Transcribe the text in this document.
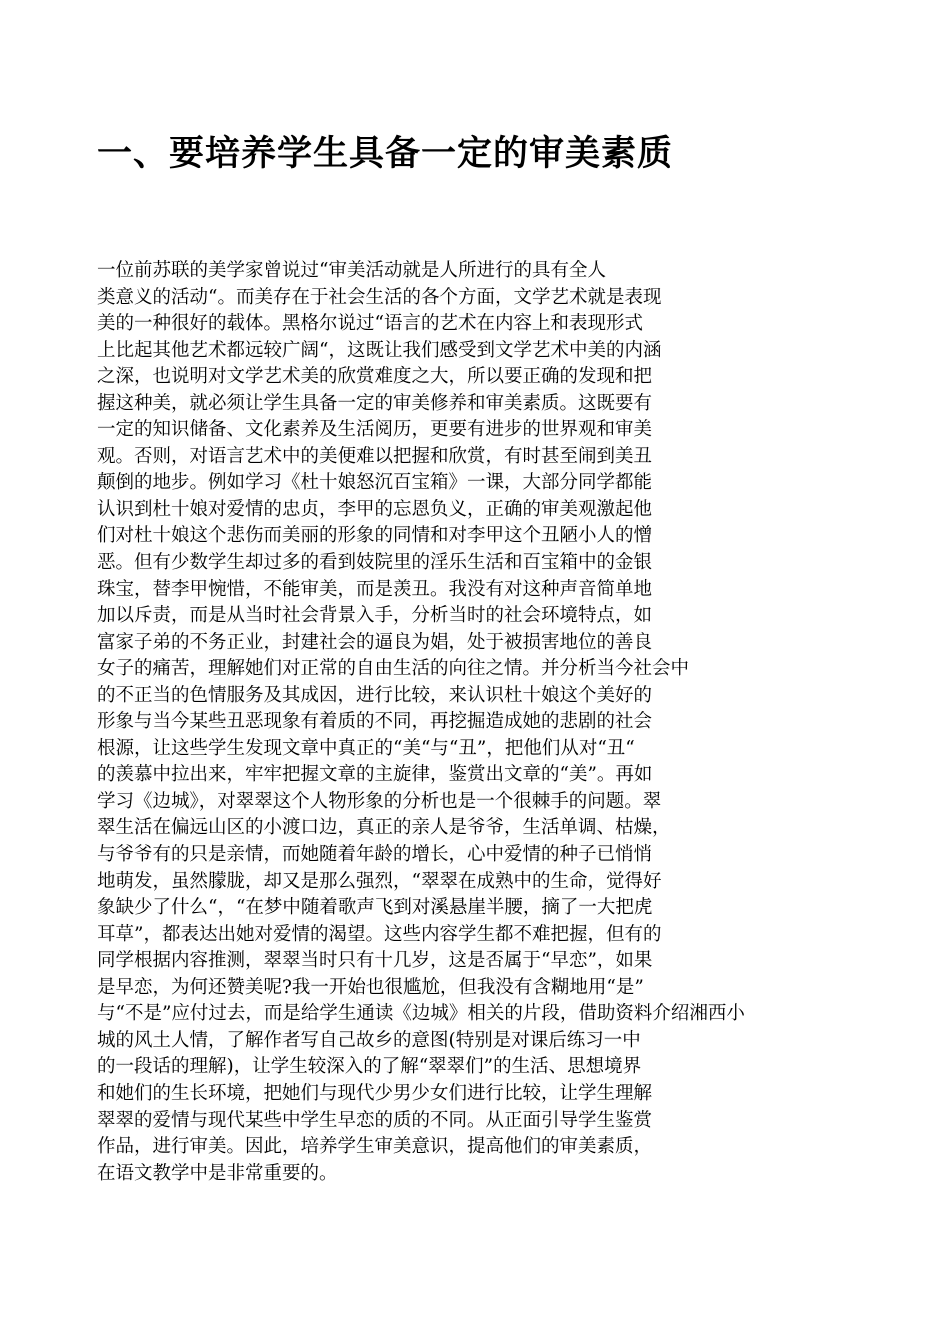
一、要培养学生具备一定的审美素质
一位前苏联的美学家曾说过“审美活动就是人所进行的具有全人
类意义的活动“。而美存在于社会生活的各个方面，文学艺术就是表现
美的一种很好的载体。黑格尔说过“语言的艺术在内容上和表现形式
上比起其他艺术都远较广阔“，这既让我们感受到文学艺术中美的内涵
之深，也说明对文学艺术美的欣赏难度之大，所以要正确的发现和把
握这种美，就必须让学生具备一定的审美修养和审美素质。这既要有
一定的知识储备、文化素养及生活阅历，更要有进步的世界观和审美
观。否则，对语言艺术中的美便难以把握和欣赏，有时甚至闹到美丑
颠倒的地步。例如学习《杜十娘怒沉百宝箱》一课，大部分同学都能
认识到杜十娘对爱情的忠贞，李甲的忘恩负义，正确的审美观激起他
们对杜十娘这个悲伤而美丽的形象的同情和对李甲这个丑陋小人的憎
恶。但有少数学生却过多的看到妓院里的淫乐生活和百宝箱中的金银
珠宝，替李甲惋惜，不能审美，而是羡丑。我没有对这种声音简单地
加以斥责，而是从当时社会背景入手，分析当时的社会环境特点，如
富家子弟的不务正业，封建社会的逼良为娼，处于被损害地位的善良
女子的痛苦，理解她们对正常的自由生活的向往之情。并分析当今社会中
的不正当的色情服务及其成因，进行比较，来认识杜十娘这个美好的
形象与当今某些丑恶现象有着质的不同，再挖掘造成她的悲剧的社会
根源，让这些学生发现文章中真正的“美“与“丑”，把他们从对“丑“
的羡慕中拉出来，牢牢把握文章的主旋律，鉴赏出文章的“美”。再如
学习《边城》，对翠翠这个人物形象的分析也是一个很棘手的问题。翠
翠生活在偏远山区的小渡口边，真正的亲人是爷爷，生活单调、枯燥，
与爷爷有的只是亲情，而她随着年龄的增长，心中爱情的种子已悄悄
地萌发，虽然朦胧，却又是那么强烈，“翠翠在成熟中的生命，觉得好
象缺少了什么“，“在梦中随着歌声飞到对溪悬崖半腰，摘了一大把虎
耳草”，都表达出她对爱情的渴望。这些内容学生都不难把握，但有的
同学根据内容推测，翠翠当时只有十几岁，这是否属于“早恋”，如果
是早恋，为何还赞美呢?我一开始也很尴尬，但我没有含糊地用“是”
与“不是”应付过去，而是给学生通读《边城》相关的片段，借助资料介绍湘西小
城的风土人情，了解作者写自己故乡的意图(特别是对课后练习一中
的一段话的理解)，让学生较深入的了解“翠翠们”的生活、思想境界
和她们的生长环境，把她们与现代少男少女们进行比较，让学生理解
翠翠的爱情与现代某些中学生早恋的质的不同。从正面引导学生鉴赏
作品，进行审美。因此，培养学生审美意识，提高他们的审美素质，
在语文教学中是非常重要的。
